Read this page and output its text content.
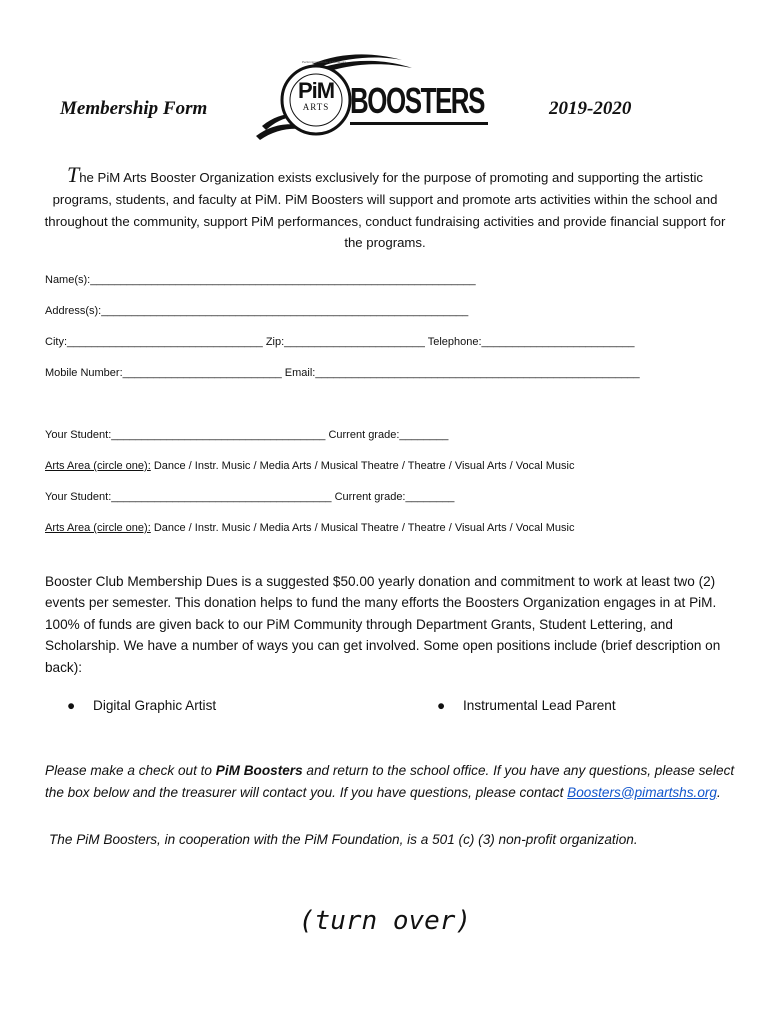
Membership Form	2019-2020
PiM
ARTS
Performing Institute of Minnesota
BOOSTERS
The PiM Arts Booster Organization exists exclusively for the purpose of promoting and supporting the artistic programs, students, and faculty at PiM. PiM Boosters will support and promote arts activities within the school and throughout the community, support PiM performances, conduct fundraising activities and provide financial support for the programs.
Name(s):_______________________________________________________________
Address(s):____________________________________________________________
City:________________________________ Zip:_______________________ Telephone:_________________________
Mobile Number:__________________________ Email:_____________________________________________________
Your Student:___________________________________ Current grade:________
Arts Area (circle one): Dance / Instr. Music / Media Arts / Musical Theatre / Theatre / Visual Arts / Vocal Music
Your Student:____________________________________ Current grade:________
Arts Area (circle one): Dance / Instr. Music / Media Arts / Musical Theatre / Theatre / Visual Arts / Vocal Music
Booster Club Membership Dues is a suggested $50.00 yearly donation and commitment to work at least two (2) events per semester. This donation helps to fund the many efforts the Boosters Organization engages in at PiM. 100% of funds are given back to our PiM Community through Department Grants, Student Lettering, and Scholarship. We have a number of ways you can get involved. Some open positions include (brief description on back):
● Digital Graphic Artist	● Instrumental Lead Parent
Please make a check out to PiM Boosters and return to the school office. If you have any questions, please select the box below and the treasurer will contact you. If you have questions, please contact Boosters@pimartshs.org.
The PiM Boosters, in cooperation with the PiM Foundation, is a 501 (c) (3) non-profit organization.
(turn over)
